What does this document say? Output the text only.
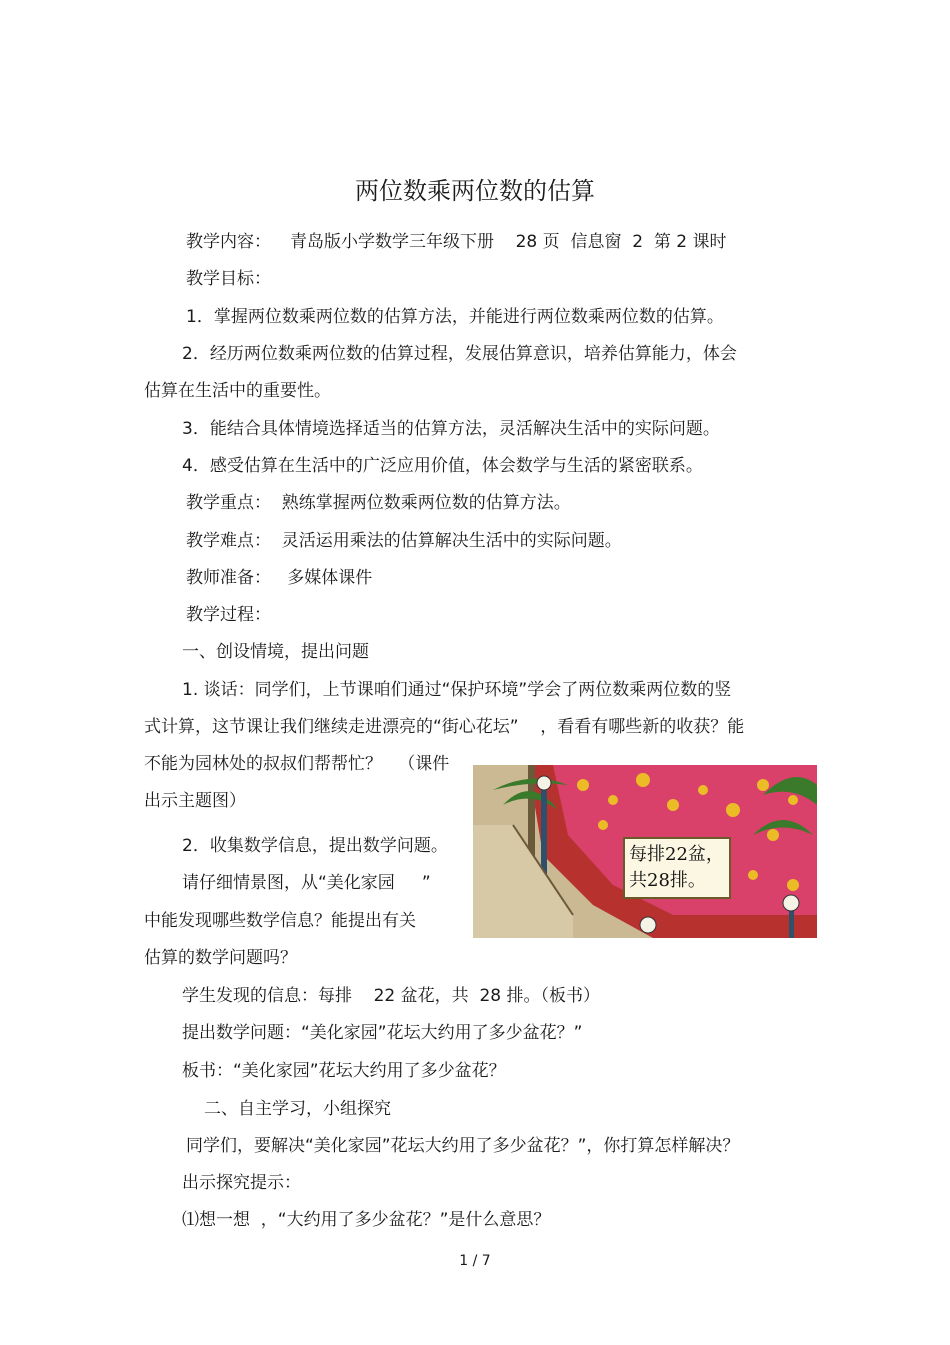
两位数乘两位数的估算
教学内容： 青岛版小学数学三年级下册    28 页  信息窗  2  第 2 课时
教学目标：
1．掌握两位数乘两位数的估算方法，并能进行两位数乘两位数的估算。
2．经历两位数乘两位数的估算过程，发展估算意识，培养估算能力，体会
估算在生活中的重要性。
3．能结合具体情境选择适当的估算方法，灵活解决生活中的实际问题。
4．感受估算在生活中的广泛应用价值，体会数学与生活的紧密联系。
教学重点：  熟练掌握两位数乘两位数的估算方法。
教学难点：  灵活运用乘法的估算解决生活中的实际问题。
教师准备：   多媒体课件
教学过程：
一、创设情境，提出问题
1. 谈话：同学们，上节课咱们通过“保护环境”学会了两位数乘两位数的竖
式计算，这节课让我们继续走进漂亮的“街心花坛”    ，看看有哪些新的收获？能
不能为园林处的叔叔们帮帮忙？   （课件
出示主题图）
2．收集数学信息，提出数学问题。
请仔细情景图，从“美化家园     ”
中能发现哪些数学信息？能提出有关
估算的数学问题吗？
学生发现的信息：每排    22 盆花，共  28 排。（板书）
提出数学问题：“美化家园”花坛大约用了多少盆花？”
板书：“美化家园”花坛大约用了多少盆花？
二、自主学习，小组探究
同学们，要解决“美化家园”花坛大约用了多少盆花？”，你打算怎样解决？
出示探究提示：
⑴想一想  ，“大约用了多少盆花？”是什么意思？
每排22盆，
共28排。
1 / 7
